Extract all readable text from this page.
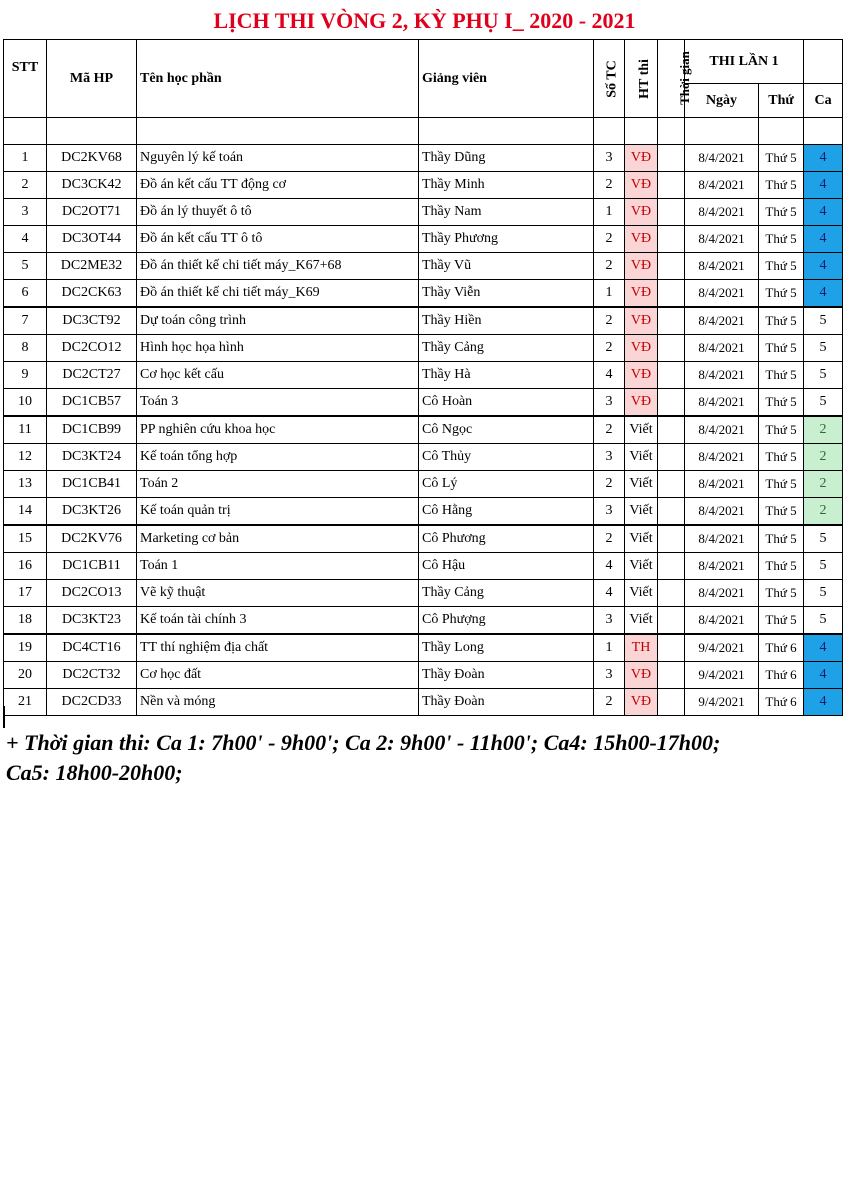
LỊCH THI VÒNG 2, KỲ PHỤ I_ 2020 - 2021
STT	Mã HP	Tên học phần	Giảng viên	Số TC	HT thi	Thời gian	THI LẦN 1		
							Ngày	Thứ	Ca

1	DC2KV68	Nguyên lý kế toán	Thầy Dũng	3	VĐ		8/4/2021	Thứ 5	4
2	DC3CK42	Đồ án kết cấu TT động cơ	Thầy Minh	2	VĐ		8/4/2021	Thứ 5	4
3	DC2OT71	Đồ án lý thuyết ô tô	Thầy Nam	1	VĐ		8/4/2021	Thứ 5	4
4	DC3OT44	Đồ án kết cấu TT ô tô	Thầy Phương	2	VĐ		8/4/2021	Thứ 5	4
5	DC2ME32	Đồ án thiết kế chi tiết máy_K67+68	Thầy Vũ	2	VĐ		8/4/2021	Thứ 5	4
6	DC2CK63	Đồ án thiết kế chi tiết máy_K69	Thầy Viễn	1	VĐ		8/4/2021	Thứ 5	4
7	DC3CT92	Dự toán công trình	Thầy Hiền	2	VĐ		8/4/2021	Thứ 5	5
8	DC2CO12	Hình học họa hình	Thầy Cảng	2	VĐ		8/4/2021	Thứ 5	5
9	DC2CT27	Cơ học kết cấu	Thầy Hà	4	VĐ		8/4/2021	Thứ 5	5
10	DC1CB57	Toán 3	Cô Hoàn	3	VĐ		8/4/2021	Thứ 5	5
11	DC1CB99	PP nghiên cứu khoa học	Cô Ngọc	2	Viết		8/4/2021	Thứ 5	2
12	DC3KT24	Kế toán tổng hợp	Cô Thủy	3	Viết		8/4/2021	Thứ 5	2
13	DC1CB41	Toán 2	Cô Lý	2	Viết		8/4/2021	Thứ 5	2
14	DC3KT26	Kế toán quản trị	Cô Hằng	3	Viết		8/4/2021	Thứ 5	2
15	DC2KV76	Marketing cơ bản	Cô Phương	2	Viết		8/4/2021	Thứ 5	5
16	DC1CB11	Toán 1	Cô Hậu	4	Viết		8/4/2021	Thứ 5	5
17	DC2CO13	Vẽ kỹ thuật	Thầy Cảng	4	Viết		8/4/2021	Thứ 5	5
18	DC3KT23	Kế toán tài chính 3	Cô Phượng	3	Viết		8/4/2021	Thứ 5	5
19	DC4CT16	TT thí nghiệm địa chất	Thầy Long	1	TH		9/4/2021	Thứ 6	4
20	DC2CT32	Cơ học đất	Thầy Đoàn	3	VĐ		9/4/2021	Thứ 6	4
21	DC2CD33	Nền và móng	Thầy Đoàn	2	VĐ		9/4/2021	Thứ 6	4
+ Thời gian thi: Ca 1: 7h00' - 9h00'; Ca 2: 9h00' - 11h00'; Ca4: 15h00-17h00;
Ca5: 18h00-20h00;
